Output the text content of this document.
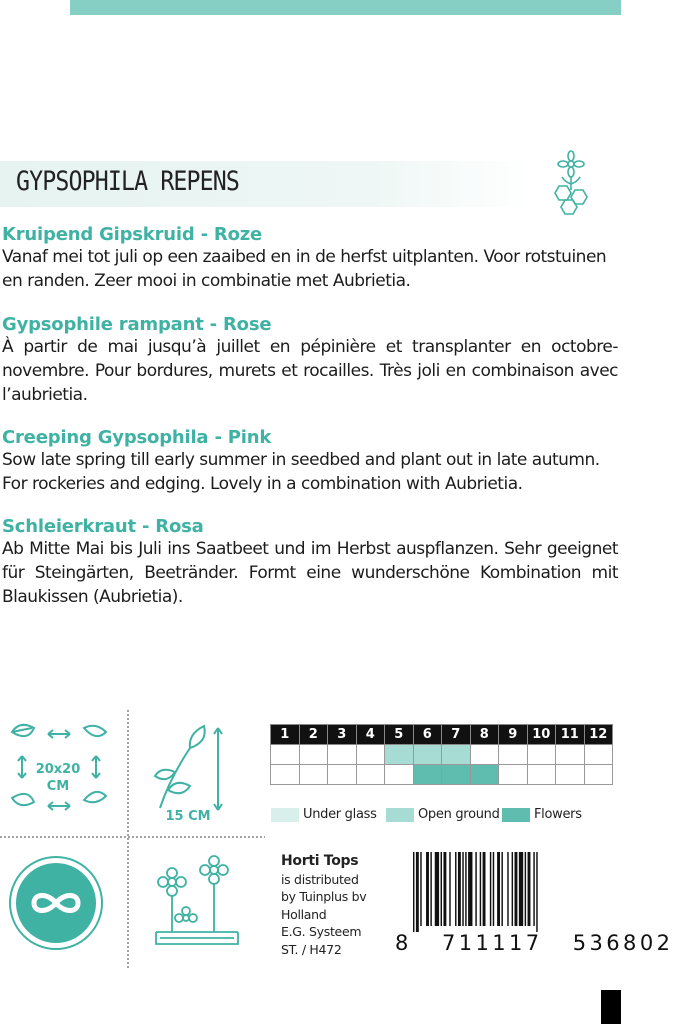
GYPSOPHILA REPENS
Kruipend Gipskruid - Roze

Vanaf mei tot juli op een zaaibed en in de herfst uitplanten. Voor rotstuinen en randen. Zeer mooi in combinatie met Aubrietia.

Gypsophile rampant - Rose

À partir de mai jusqu’à juillet en pépinière et transplanter en octobre-novembre. Pour bordures, murets et rocailles. Très joli en combinaison avec l’aubrietia.

Creeping Gypsophila - Pink

Sow late spring till early summer in seedbed and plant out in late autumn. For rockeries and edging. Lovely in a combination with Aubrietia.

Schleierkraut - Rosa

Ab Mitte Mai bis Juli ins Saatbeet und im Herbst auspflanzen. Sehr geeignet für Steingärten, Beetränder. Formt eine wunderschöne Kombination mit Blaukissen (Aubrietia).

20x20
CM
15 CM
1	2	3	4	5	6	7	8	9	10	11	12

Under glass	Open ground	Flowers
Horti Tops
is distributed
by Tuinplus bv
Holland
E.G. Systeem
ST. / H472	8   711117   536802
